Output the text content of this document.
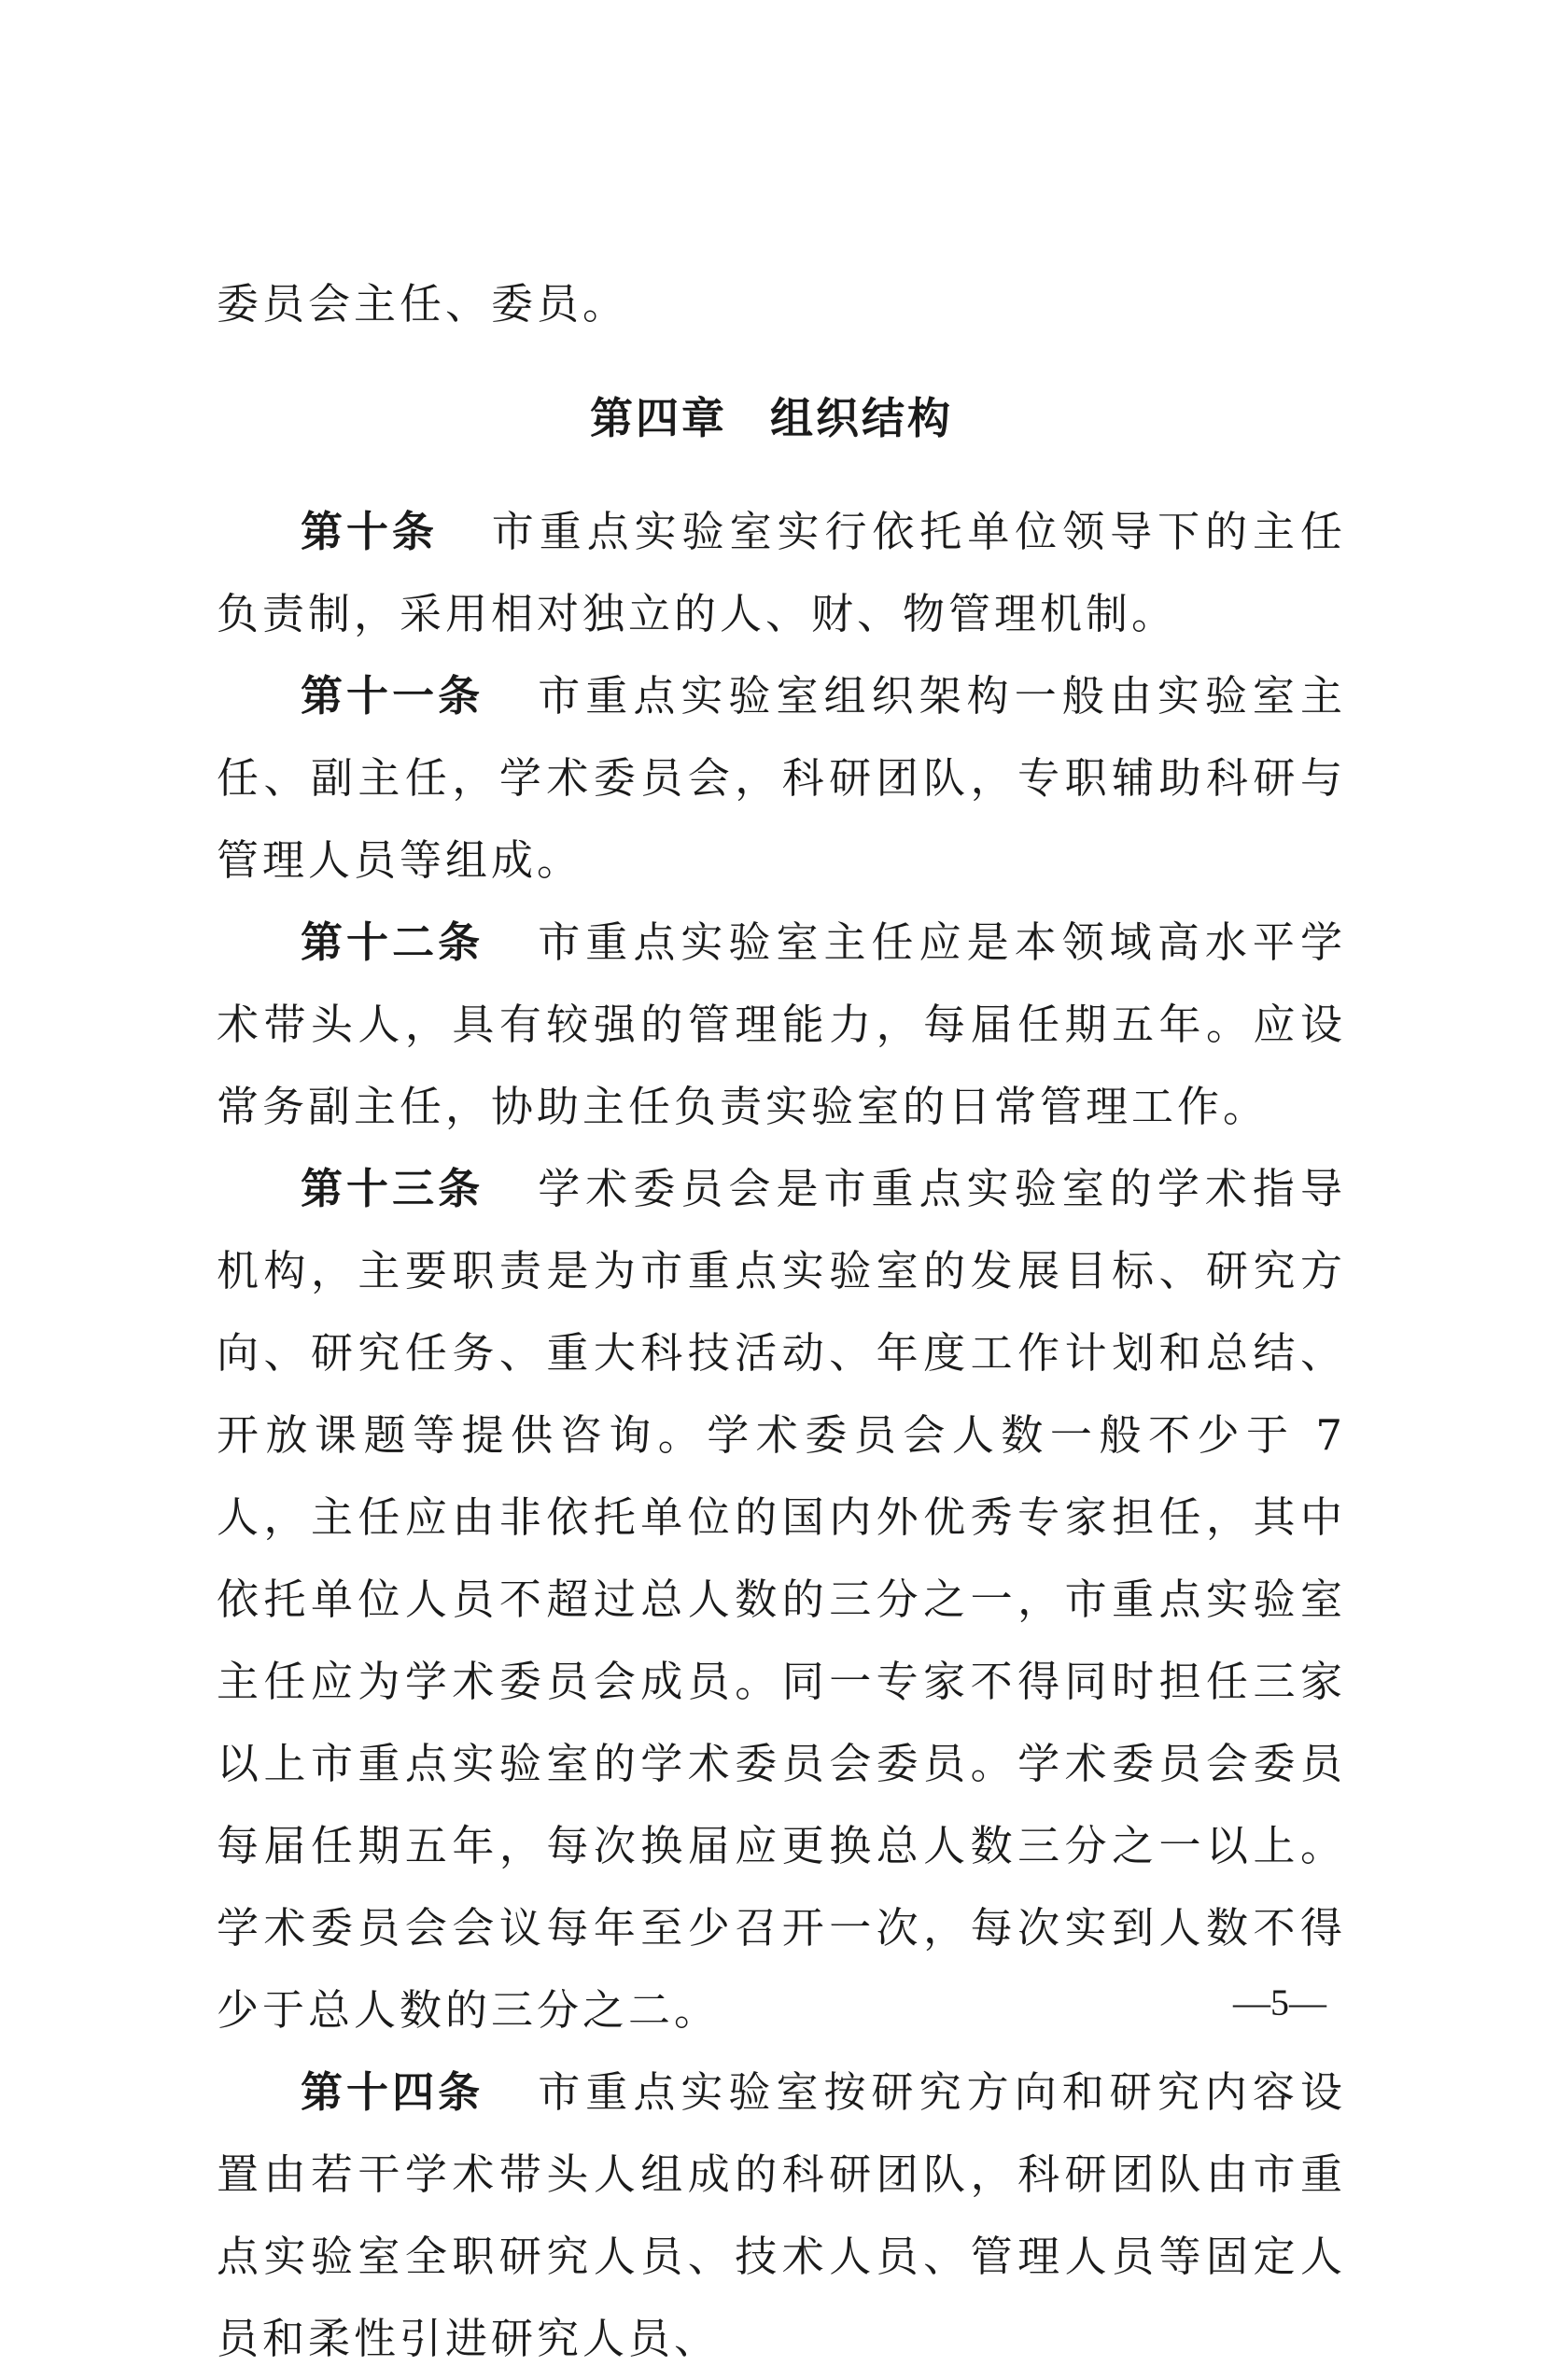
委员会主任、委员。

第四章 组织结构

第十条 市重点实验室实行依托单位领导下的主任负责制，采用相对独立的人、财、物管理机制。

第十一条 市重点实验室组织架构一般由实验室主任、副主任，学术委员会，科研团队，专职辅助科研与管理人员等组成。

第十二条 市重点实验室主任应是本领域高水平学术带头人，具有较强的管理能力，每届任期五年。应设常务副主任，协助主任负责实验室的日常管理工作。

第十三条 学术委员会是市重点实验室的学术指导机构，主要职责是为市重点实验室的发展目标、研究方向、研究任务、重大科技活动、年度工作计划和总结、开放课题等提供咨询。学术委员会人数一般不少于 7 人，主任应由非依托单位的国内外优秀专家担任，其中依托单位人员不超过总人数的三分之一，市重点实验室主任应为学术委员会成员。同一专家不得同时担任三家以上市重点实验室的学术委员会委员。学术委员会委员每届任期五年，每次换届应更换总人数三分之一以上。学术委员会会议每年至少召开一次，每次实到人数不得少于总人数的三分之二。

第十四条 市重点实验室按研究方向和研究内容设置由若干学术带头人组成的科研团队，科研团队由市重点实验室全职研究人员、技术人员、管理人员等固定人员和柔性引进研究人员、

—5—
